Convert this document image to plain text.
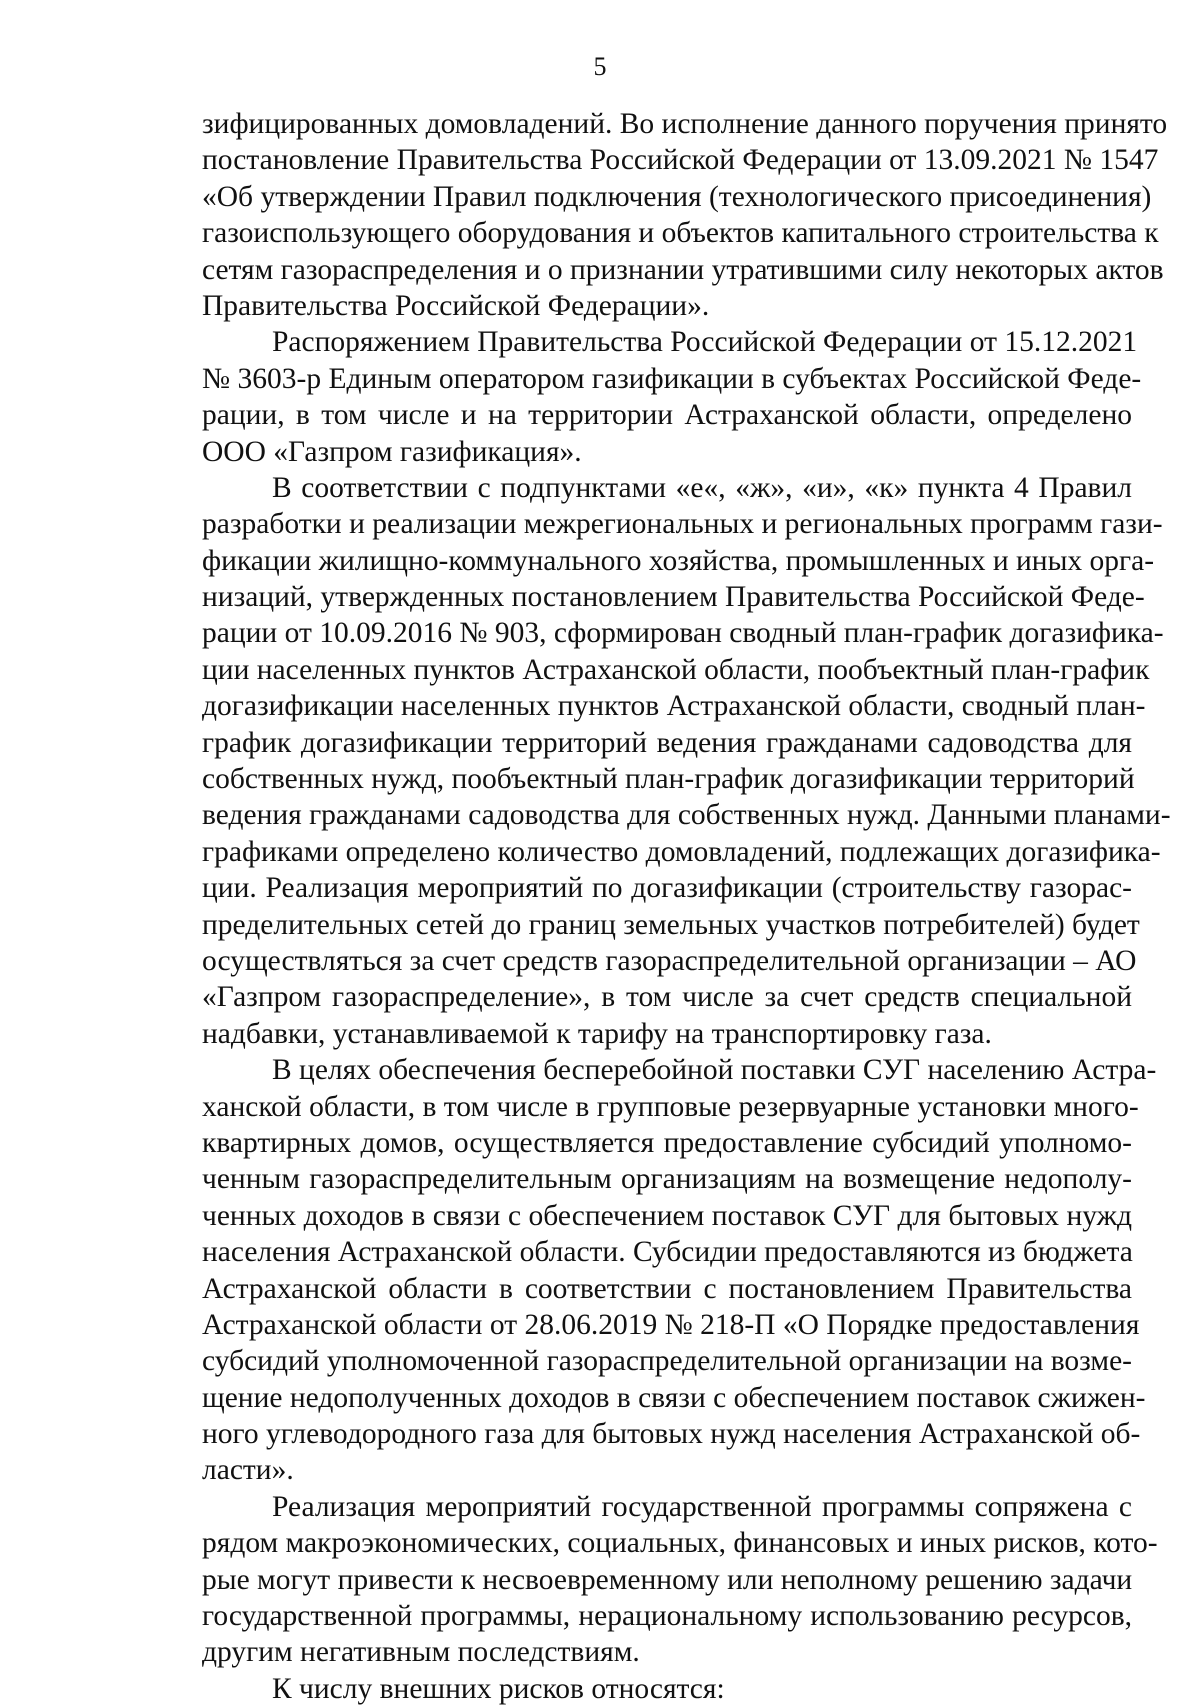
5
зифицированных домовладений. Во исполнение данного поручения принято
постановление Правительства Российской Федерации от 13.09.2021 № 1547
«Об утверждении Правил подключения (технологического присоединения)
газоиспользующего оборудования и объектов капитального строительства к
сетям газораспределения и о признании утратившими силу некоторых актов
Правительства Российской Федерации».
Распоряжением Правительства Российской Федерации от 15.12.2021
№ 3603-р Единым оператором газификации в субъектах Российской Феде-
рации, в том числе и на территории Астраханской области, определено
ООО «Газпром газификация».
В соответствии с подпунктами «е«, «ж», «и», «к» пункта 4 Правил
разработки и реализации межрегиональных и региональных программ гази-
фикации жилищно-коммунального хозяйства, промышленных и иных орга-
низаций, утвержденных постановлением Правительства Российской Феде-
рации от 10.09.2016 № 903, сформирован сводный план-график догазифика-
ции населенных пунктов Астраханской области, пообъектный план-график
догазификации населенных пунктов Астраханской области, сводный план-
график догазификации территорий ведения гражданами садоводства для
собственных нужд, пообъектный план-график догазификации территорий
ведения гражданами садоводства для собственных нужд. Данными планами-
графиками определено количество домовладений, подлежащих догазифика-
ции. Реализация мероприятий по догазификации (строительству газорас-
пределительных сетей до границ земельных участков потребителей) будет
осуществляться за счет средств газораспределительной организации – АО
«Газпром газораспределение», в том числе за счет средств специальной
надбавки, устанавливаемой к тарифу на транспортировку газа.
В целях обеспечения бесперебойной поставки СУГ населению Астра-
ханской области, в том числе в групповые резервуарные установки много-
квартирных домов, осуществляется предоставление субсидий уполномо-
ченным газораспределительным организациям на возмещение недополу-
ченных доходов в связи с обеспечением поставок СУГ для бытовых нужд
населения Астраханской области. Субсидии предоставляются из бюджета
Астраханской области в соответствии с постановлением Правительства
Астраханской области от 28.06.2019 № 218-П «О Порядке предоставления
субсидий уполномоченной газораспределительной организации на возме-
щение недополученных доходов в связи с обеспечением поставок сжижен-
ного углеводородного газа для бытовых нужд населения Астраханской об-
ласти».
Реализация мероприятий государственной программы сопряжена с
рядом макроэкономических, социальных, финансовых и иных рисков, кото-
рые могут привести к несвоевременному или неполному решению задачи
государственной программы, нерациональному использованию ресурсов,
другим негативным последствиям.
К числу внешних рисков относятся:
